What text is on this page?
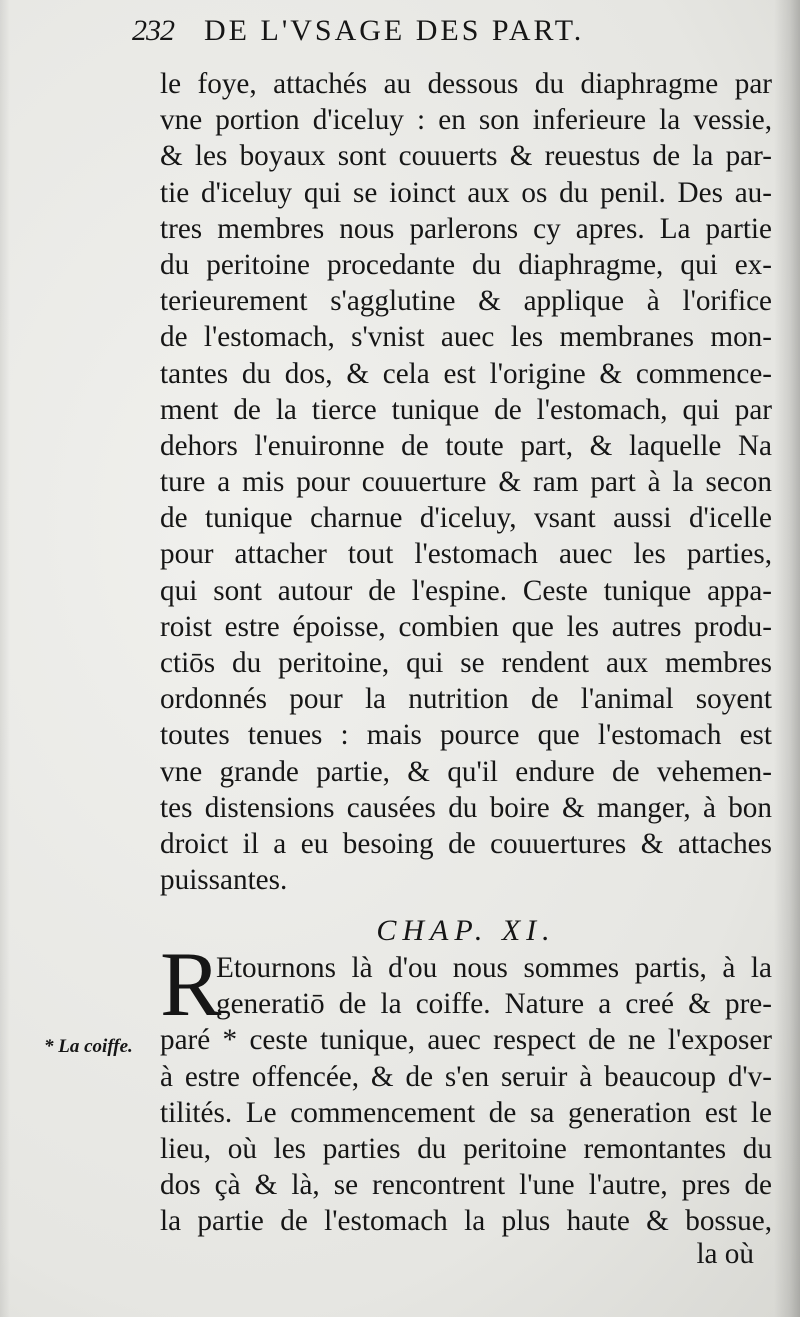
232 DE L'VSAGE DES PART.
le foye, attachés au dessous du diaphragme par
vne portion d'iceluy : en son inferieure la vessie,
& les boyaux sont couuerts & reuestus de la par-
tie d'iceluy qui se ioinct aux os du penil. Des au-
tres membres nous parlerons cy apres. La partie
du peritoine procedante du diaphragme, qui ex-
terieurement s'agglutine & applique à l'orifice
de l'estomach, s'vnist auec les membranes mon-
tantes du dos, & cela est l'origine & commence-
ment de la tierce tunique de l'estomach, qui par
dehors l'enuironne de toute part, & laquelle Na
ture a mis pour couuerture & ram part à la secon
de tunique charnue d'iceluy, vsant aussi d'icelle
pour attacher tout l'estomach auec les parties,
qui sont autour de l'espine. Ceste tunique appa-
roist estre époisse, combien que les autres produ-
ctiōs du peritoine, qui se rendent aux membres
ordonnés pour la nutrition de l'animal soyent
toutes tenues : mais pource que l'estomach est
vne grande partie, & qu'il endure de vehemen-
tes distensions causées du boire & manger, à bon
droict il a eu besoing de couuertures & attaches
puissantes.
CHAP. XI.
R
Etournons là d'ou nous sommes partis, à la
generatiō de la coiffe. Nature a creé & pre-
paré * ceste tunique, auec respect de ne l'exposer
à estre offencée, & de s'en seruir à beaucoup d'v-
tilités. Le commencement de sa generation est le
lieu, où les parties du peritoine remontantes du
dos çà & là, se rencontrent l'une l'autre, pres de
la partie de l'estomach la plus haute & bossue,
* La coiffe.
la où
